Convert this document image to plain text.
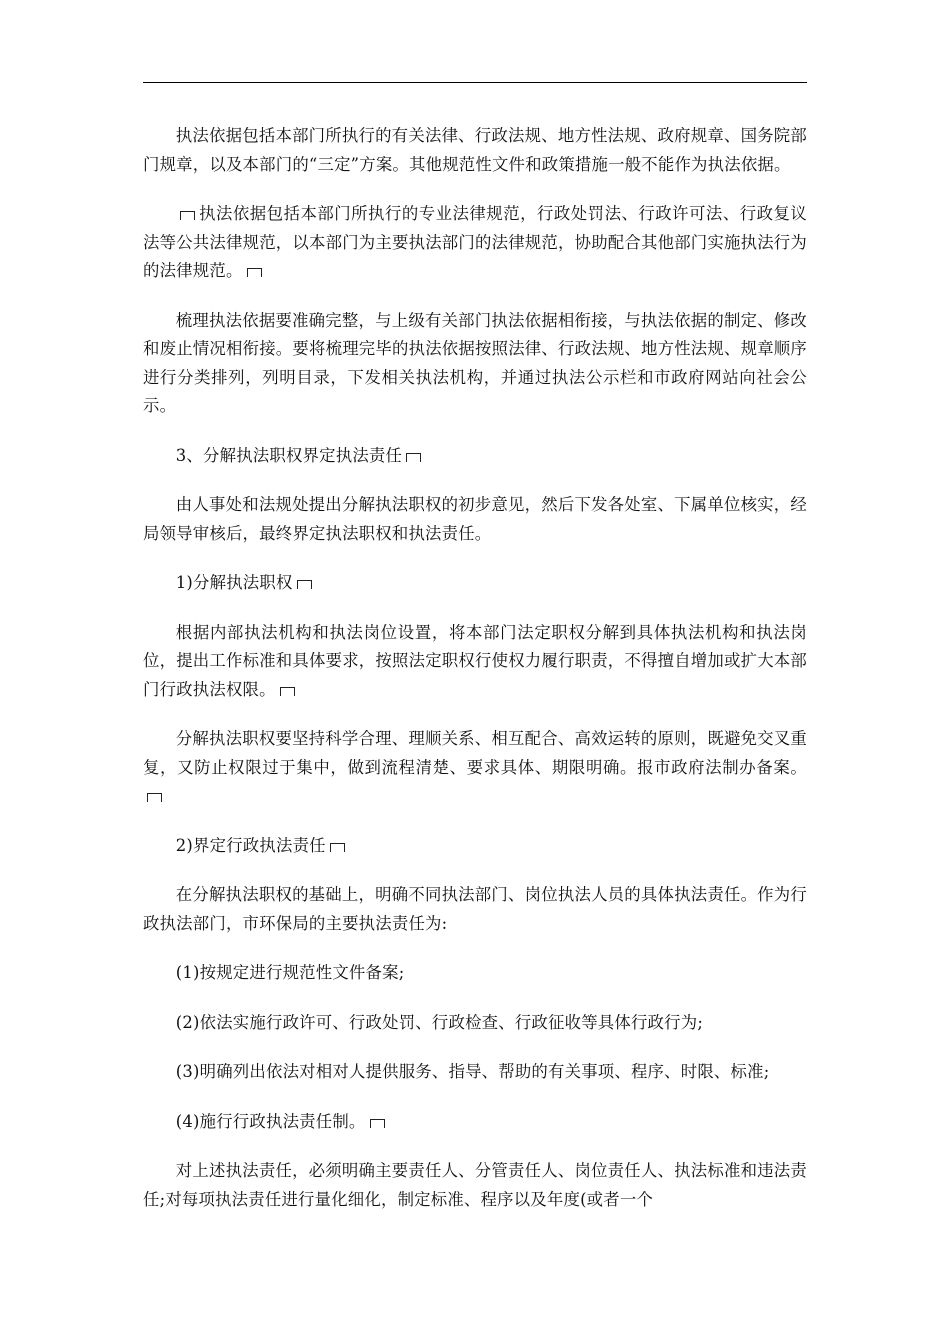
执法依据包括本部门所执行的有关法律、行政法规、地方性法规、政府规章、国务院部门规章，以及本部门的“三定”方案。其他规范性文件和政策措施一般不能作为执法依据。

执法依据包括本部门所执行的专业法律规范，行政处罚法、行政许可法、行政复议法等公共法律规范，以本部门为主要执法部门的法律规范，协助配合其他部门实施执法行为的法律规范。

梳理执法依据要准确完整，与上级有关部门执法依据相衔接，与执法依据的制定、修改和废止情况相衔接。要将梳理完毕的执法依据按照法律、行政法规、地方性法规、规章顺序进行分类排列，列明目录，下发相关执法机构，并通过执法公示栏和市政府网站向社会公示。

3、分解执法职权界定执法责任

由人事处和法规处提出分解执法职权的初步意见，然后下发各处室、下属单位核实，经局领导审核后，最终界定执法职权和执法责任。

1)分解执法职权

根据内部执法机构和执法岗位设置，将本部门法定职权分解到具体执法机构和执法岗位，提出工作标准和具体要求，按照法定职权行使权力履行职责，不得擅自增加或扩大本部门行政执法权限。

分解执法职权要坚持科学合理、理顺关系、相互配合、高效运转的原则，既避免交叉重复，又防止权限过于集中，做到流程清楚、要求具体、期限明确。报市政府法制办备案。

2)界定行政执法责任

在分解执法职权的基础上，明确不同执法部门、岗位执法人员的具体执法责任。作为行政执法部门，市环保局的主要执法责任为:

(1)按规定进行规范性文件备案;

(2)依法实施行政许可、行政处罚、行政检查、行政征收等具体行政行为;

(3)明确列出依法对相对人提供服务、指导、帮助的有关事项、程序、时限、标准;

(4)施行行政执法责任制。

对上述执法责任，必须明确主要责任人、分管责任人、岗位责任人、执法标准和违法责任;对每项执法责任进行量化细化，制定标准、程序以及年度(或者一个
